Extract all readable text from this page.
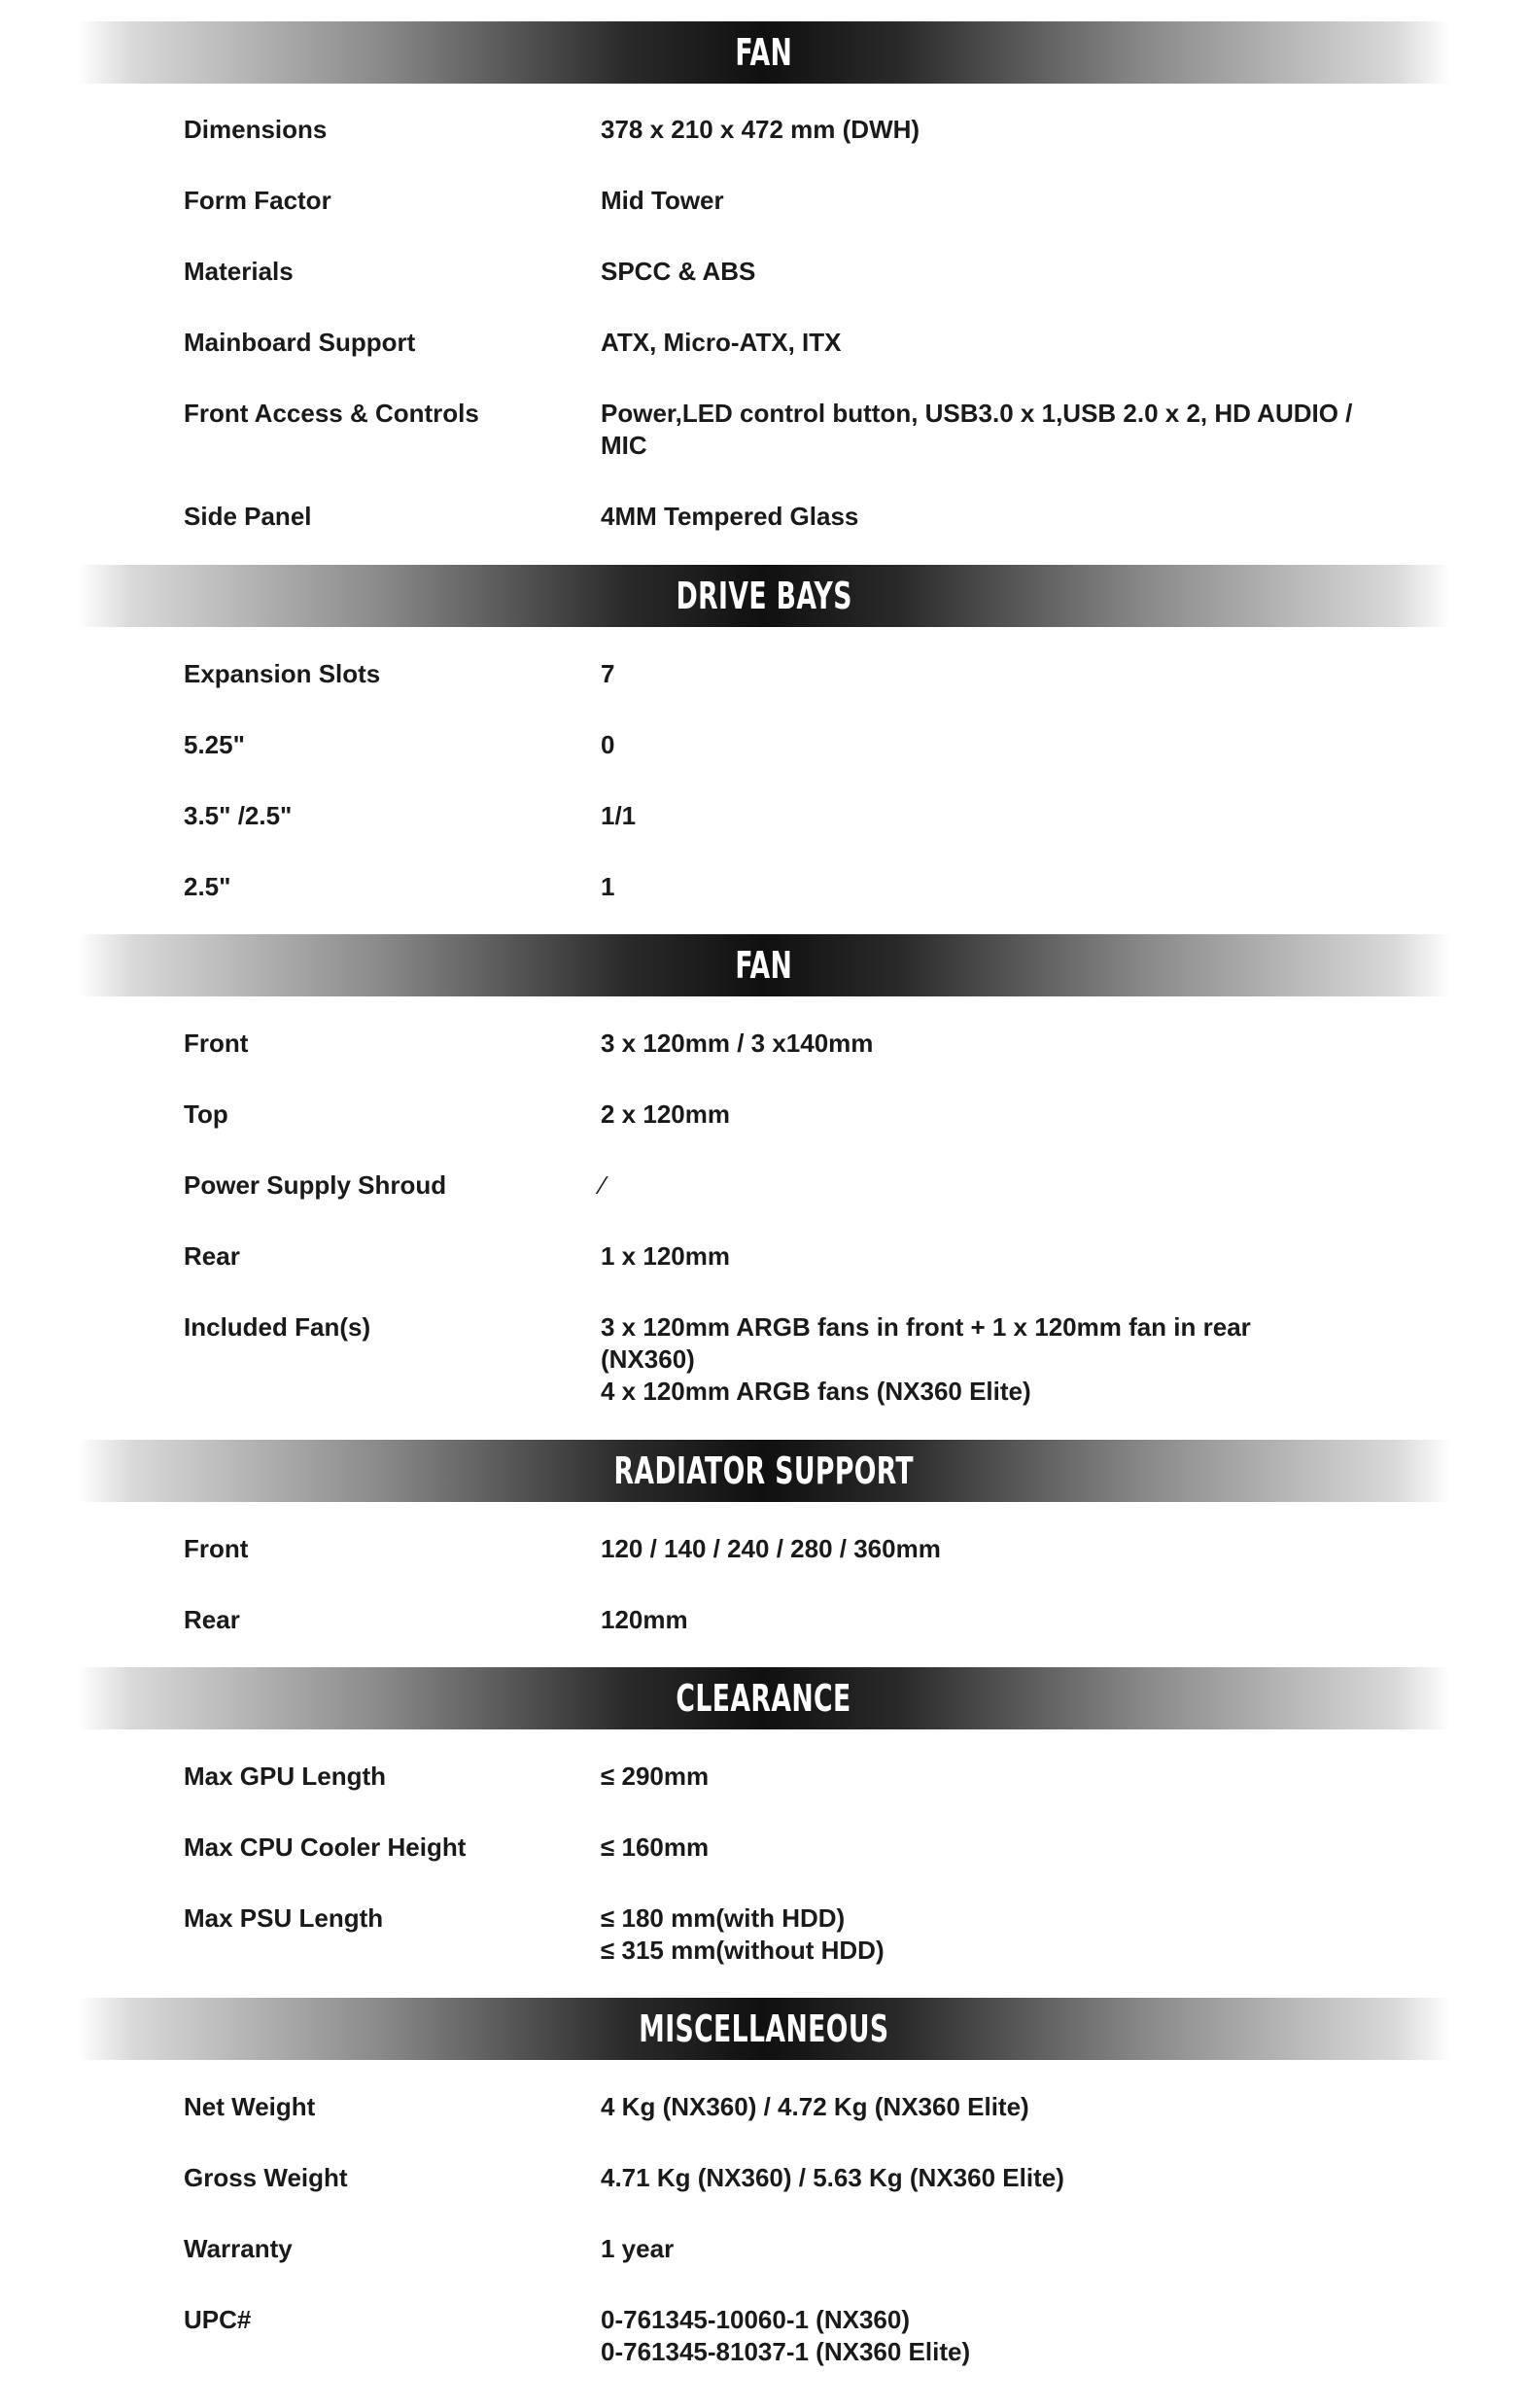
FAN
Dimensions	378 x 210 x 472 mm (DWH)
Form Factor	Mid Tower
Materials	SPCC & ABS
Mainboard Support	ATX, Micro-ATX, ITX
Front Access & Controls	Power,LED control button, USB3.0 x 1,USB 2.0 x 2, HD AUDIO /
MIC
Side Panel	4MM Tempered Glass
DRIVE BAYS
Expansion Slots	7
5.25"	0
3.5" /2.5"	1/1
2.5"	1
FAN
Front	3 x 120mm / 3 x140mm
Top	2 x 120mm
Power Supply Shroud	⁄
Rear	1 x 120mm
Included Fan(s)	3 x 120mm ARGB fans in front + 1 x 120mm fan in rear
(NX360)
4 x 120mm ARGB fans (NX360 Elite)
RADIATOR SUPPORT
Front	120 / 140 / 240 / 280 / 360mm
Rear	120mm
CLEARANCE
Max GPU Length	≤ 290mm
Max CPU Cooler Height	≤ 160mm
Max PSU Length	≤ 180 mm(with HDD)
≤ 315 mm(without HDD)
MISCELLANEOUS
Net Weight	4 Kg (NX360) / 4.72 Kg (NX360 Elite)
Gross Weight	4.71 Kg (NX360) / 5.63 Kg (NX360 Elite)
Warranty	1 year
UPC#	0-761345-10060-1 (NX360)
0-761345-81037-1 (NX360 Elite)
